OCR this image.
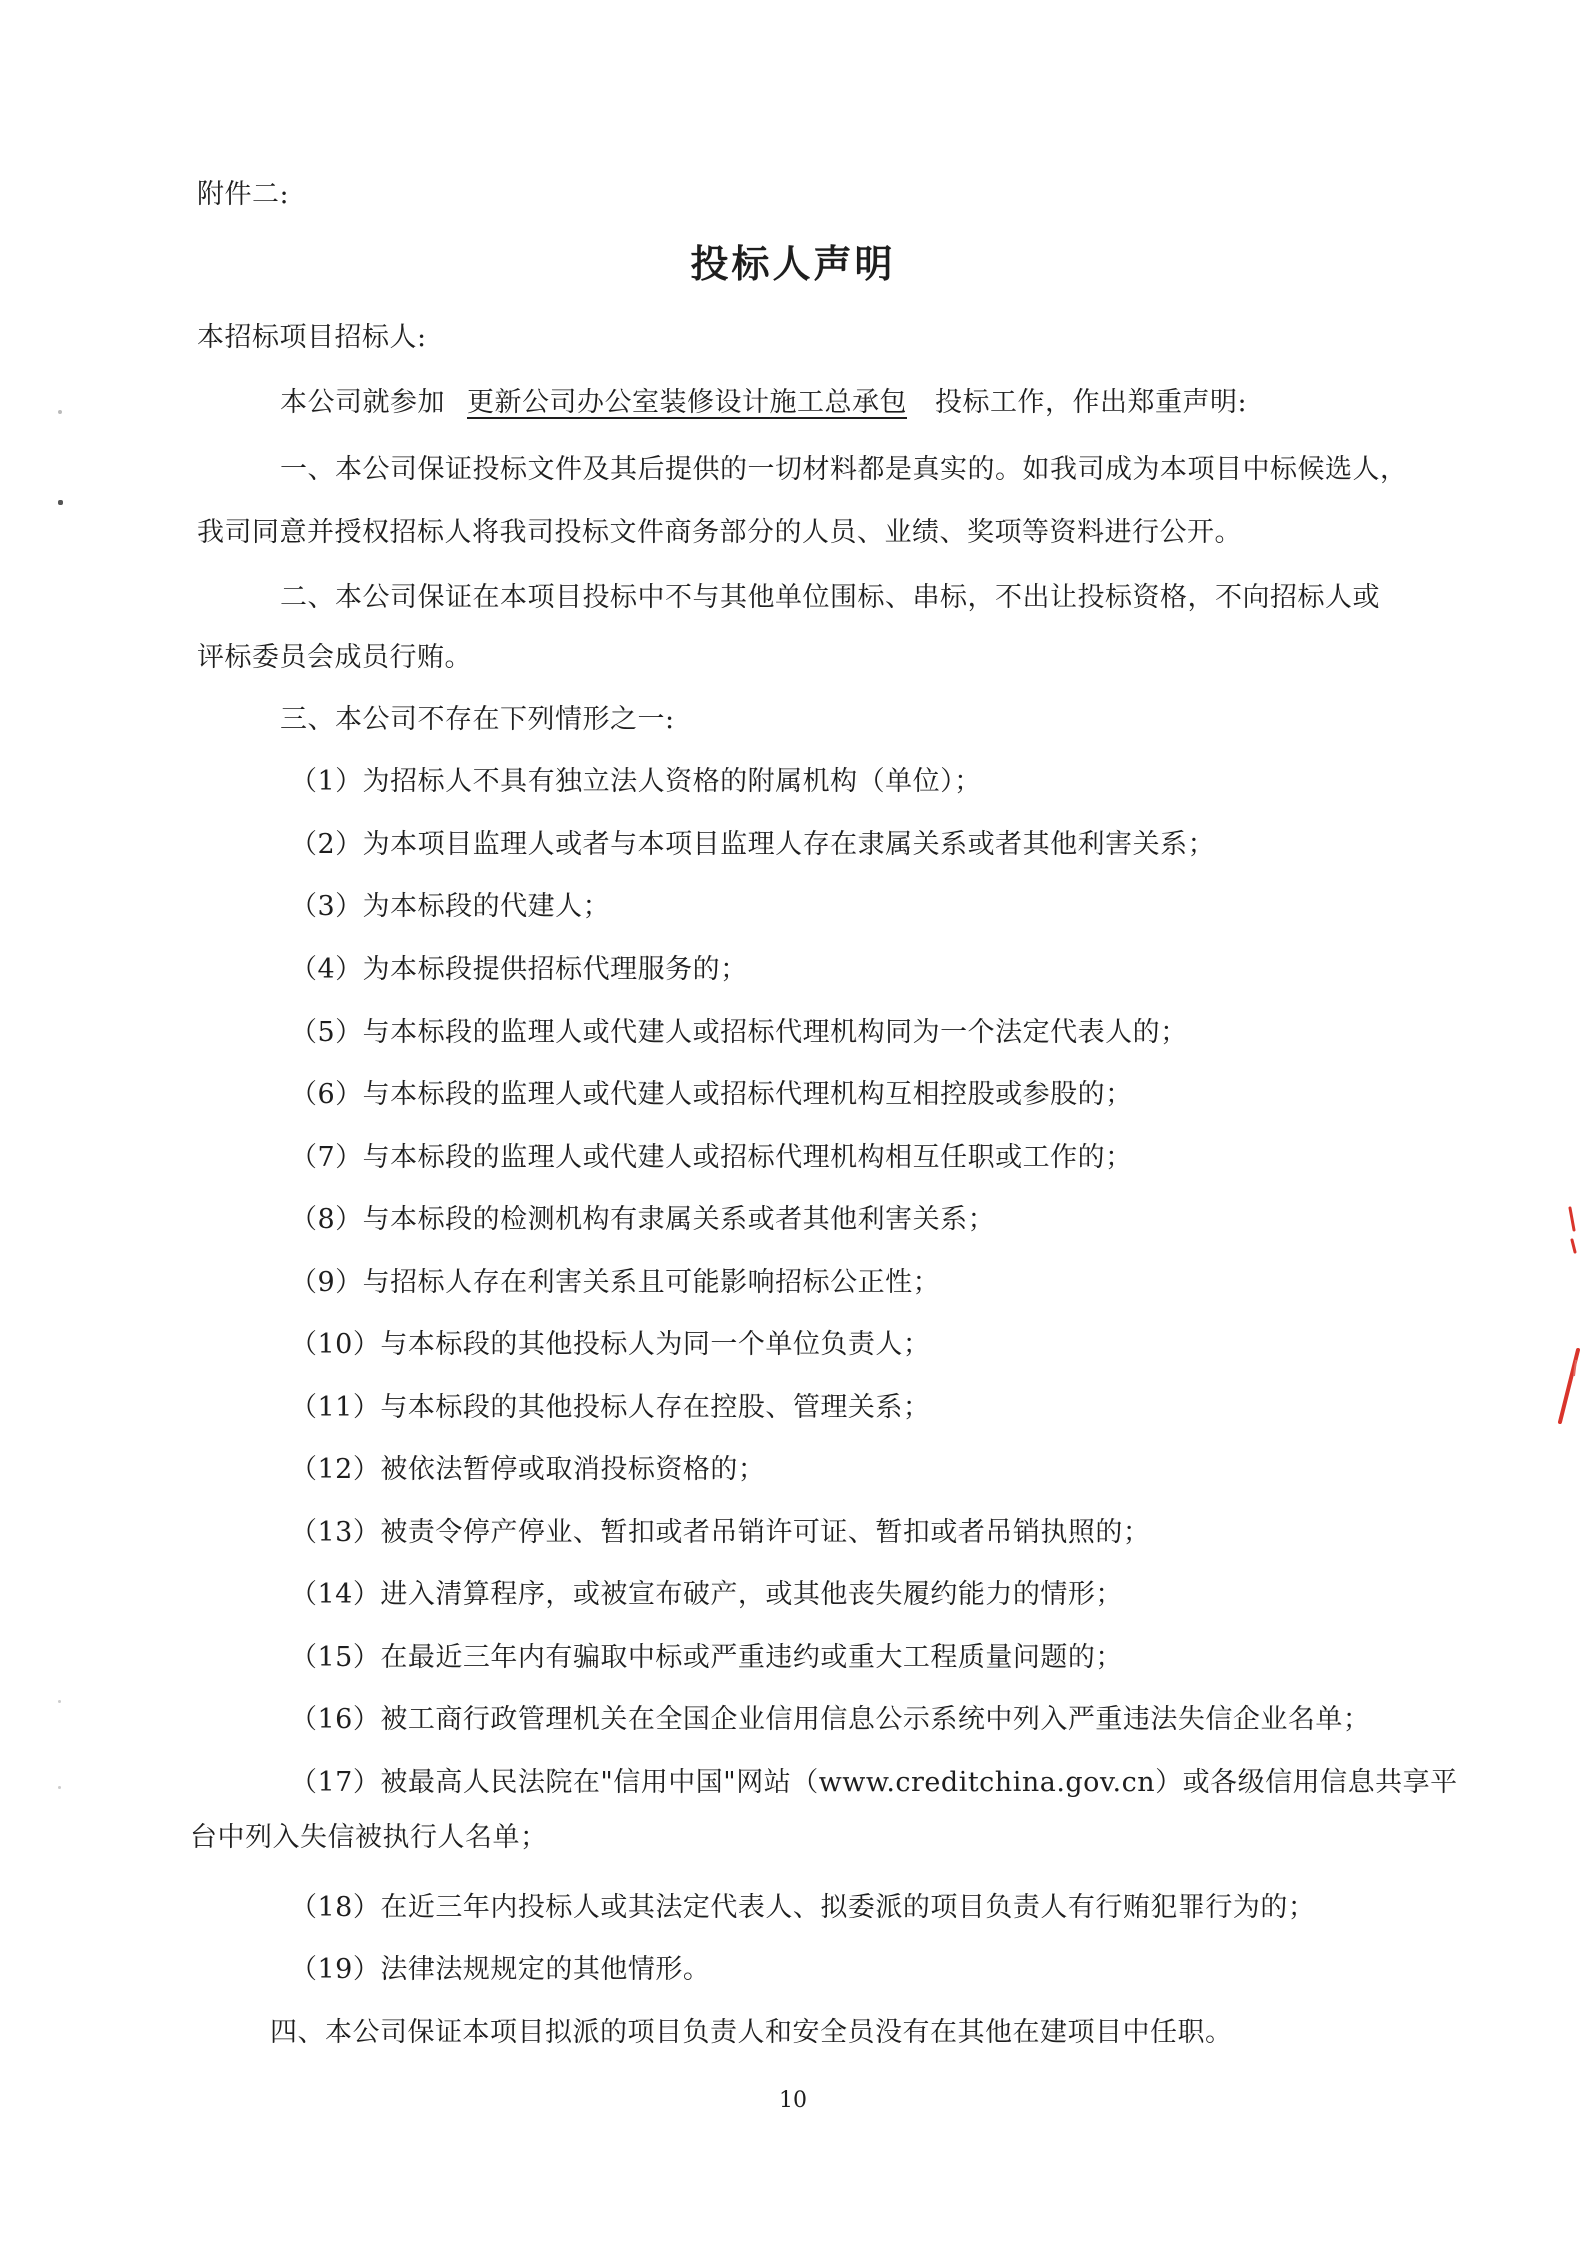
附件二:
投标人声明
本招标项目招标人:
本公司就参加 更新公司办公室装修设计施工总承包 投标工作，作出郑重声明:
一、本公司保证投标文件及其后提供的一切材料都是真实的。如我司成为本项目中标候选人，
我司同意并授权招标人将我司投标文件商务部分的人员、业绩、奖项等资料进行公开。
二、本公司保证在本项目投标中不与其他单位围标、串标，不出让投标资格，不向招标人或
评标委员会成员行贿。
三、本公司不存在下列情形之一:
（1）为招标人不具有独立法人资格的附属机构（单位）；
（2）为本项目监理人或者与本项目监理人存在隶属关系或者其他利害关系；
（3）为本标段的代建人；
（4）为本标段提供招标代理服务的；
（5）与本标段的监理人或代建人或招标代理机构同为一个法定代表人的；
（6）与本标段的监理人或代建人或招标代理机构互相控股或参股的；
（7）与本标段的监理人或代建人或招标代理机构相互任职或工作的；
（8）与本标段的检测机构有隶属关系或者其他利害关系；
（9）与招标人存在利害关系且可能影响招标公正性；
（10）与本标段的其他投标人为同一个单位负责人；
（11）与本标段的其他投标人存在控股、管理关系；
（12）被依法暂停或取消投标资格的；
（13）被责令停产停业、暂扣或者吊销许可证、暂扣或者吊销执照的；
（14）进入清算程序，或被宣布破产，或其他丧失履约能力的情形；
（15）在最近三年内有骗取中标或严重违约或重大工程质量问题的；
（16）被工商行政管理机关在全国企业信用信息公示系统中列入严重违法失信企业名单；
（17）被最高人民法院在"信用中国"网站（www.creditchina.gov.cn）或各级信用信息共享平
台中列入失信被执行人名单；
（18）在近三年内投标人或其法定代表人、拟委派的项目负责人有行贿犯罪行为的；
（19）法律法规规定的其他情形。
四、本公司保证本项目拟派的项目负责人和安全员没有在其他在建项目中任职。
10
